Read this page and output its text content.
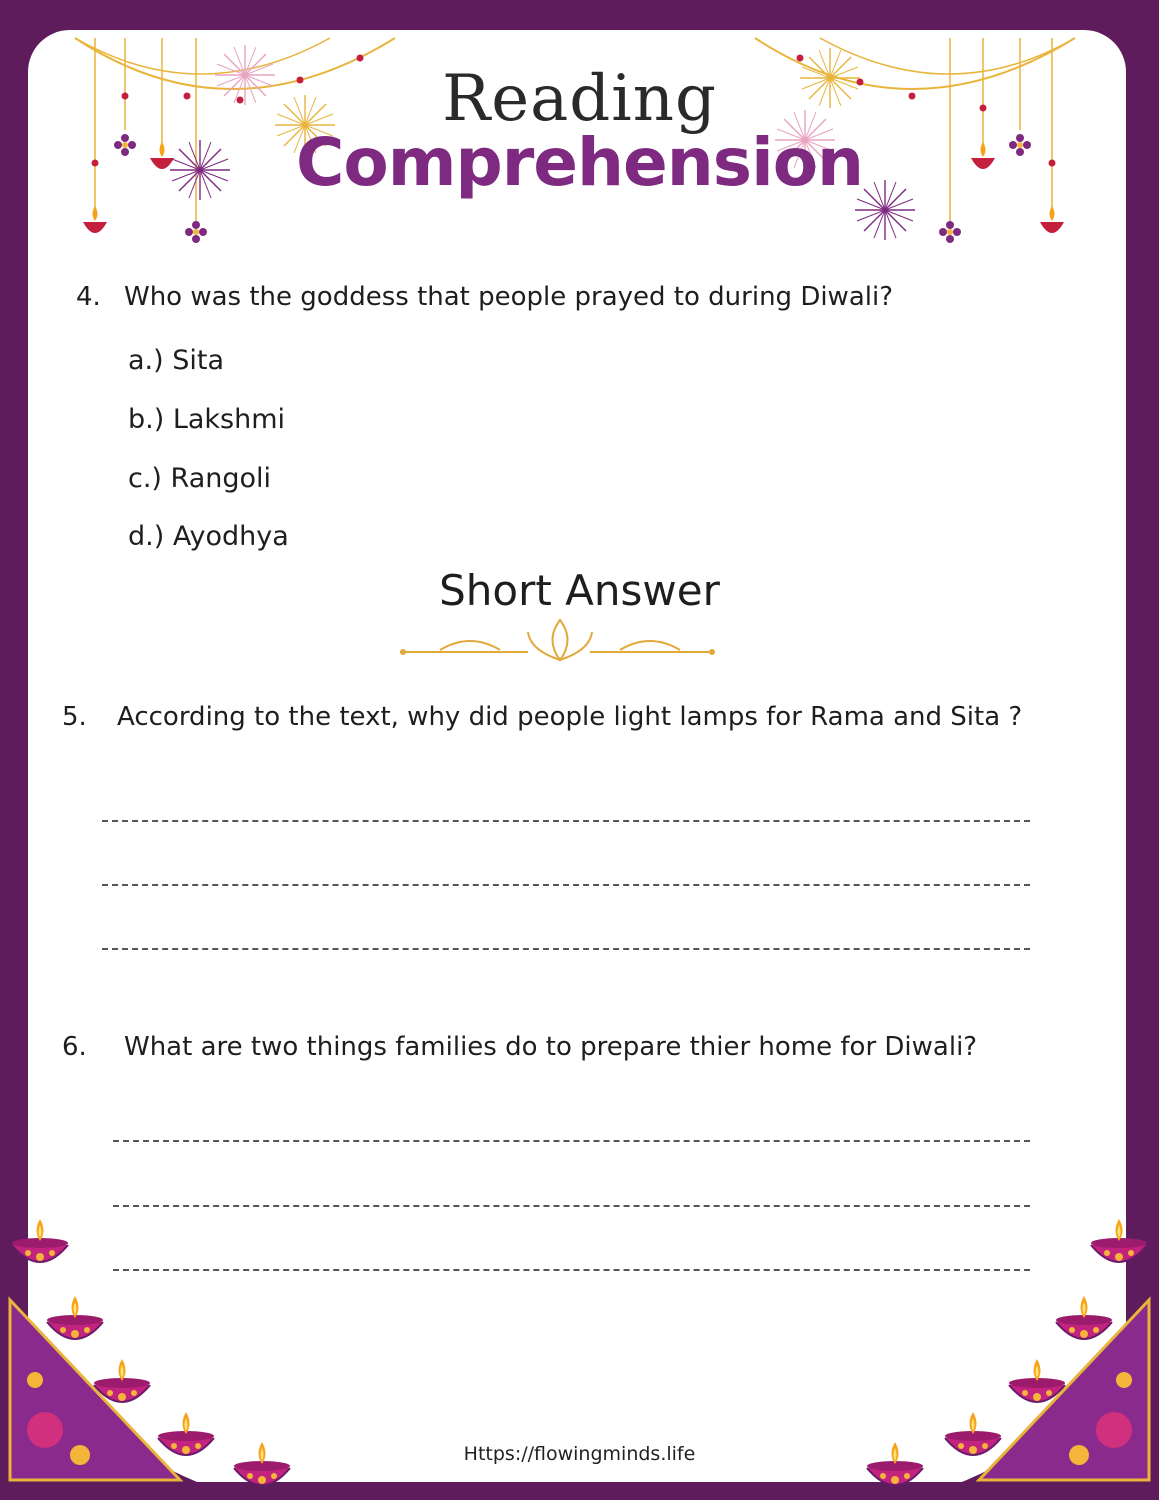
Reading
Comprehension
4. Who was the goddess that people prayed to during Diwali?
a.) Sita
b.) Lakshmi
c.) Rangoli
d.) Ayodhya
Short Answer
5. According to the text, why did people light lamps for Rama and Sita ?
6. What are two things families do to prepare thier home for Diwali?
Https://flowingminds.life
